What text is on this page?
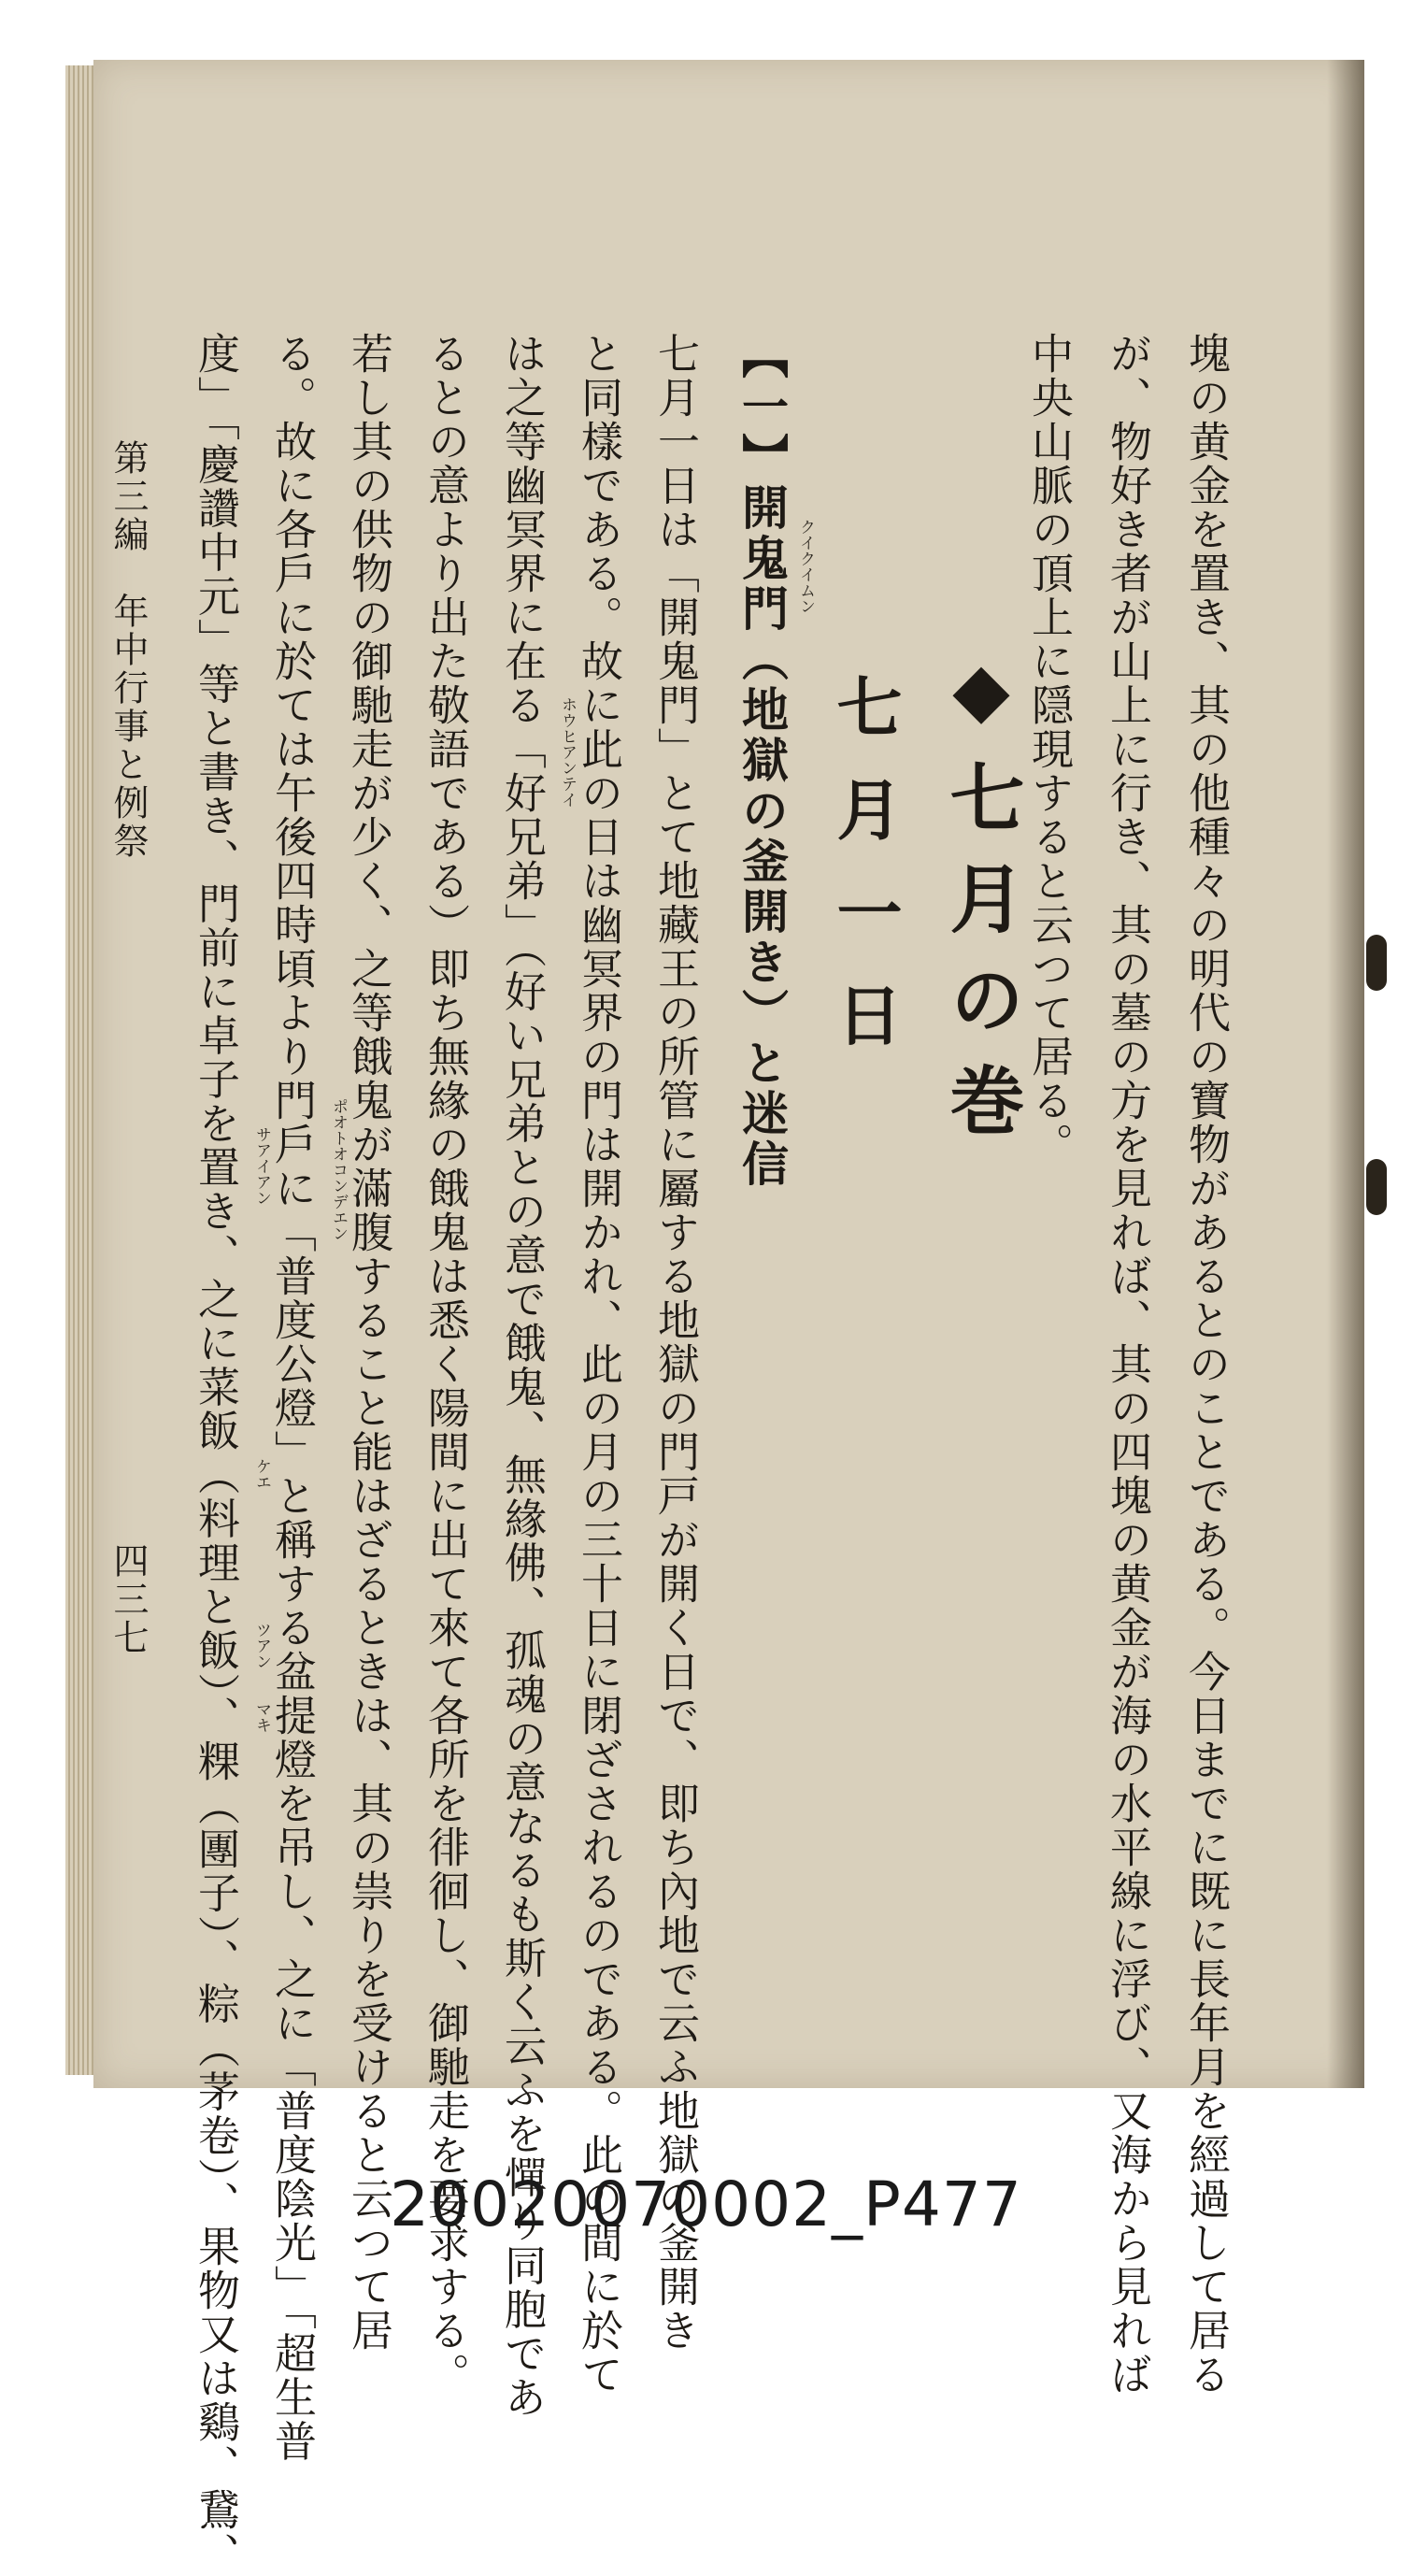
塊の黄金を置き、其の他種々の明代の寶物があるとのことである。今日までに既に長年月を經過して居る
が、物好き者が山上に行き、其の墓の方を見れば、其の四塊の黄金が海の水平線に浮び、又海から見れば
中央山脈の頂上に隠現すると云つて居る。
◆七月の巻
七月一日
【一】開鬼門（地獄の釜開き）と迷信 クイクイムン
七月一日は「開鬼門」とて地藏王の所管に屬する地獄の門戸が開く日で、即ち內地で云ふ地獄の釜開き
と同樣である。故に此の日は幽冥界の門は開かれ、此の月の三十日に閉ざされるのである。此の間に於て
は之等幽冥界に在る「好兄弟」（好い兄弟との意で餓鬼、無緣佛、孤魂の意なるも斯く云ふを憚り同胞であ
るとの意より出た敬語である）即ち無緣の餓鬼は悉く陽間に出て來て各所を徘徊し、御馳走を要求する。
若し其の供物の御馳走が少く、之等餓鬼が滿腹すること能はざるときは、其の祟りを受けると云つて居
る。故に各戶に於ては午後四時頃より門戶に「普度公燈」と稱する盆提燈を吊し、之に「普度陰光」「超生普
度」「慶讚中元」等と書き、門前に卓子を置き、之に菜飯（料理と飯）、粿（團子）、粽（茅卷）、果物又は鷄、鵞、	ホウヒアンテイ
ポオトオコンデエン
サアイアン
ケエ
ツアン
マキ
第三編　年中行事と例祭
四三七
20020070002_P477
